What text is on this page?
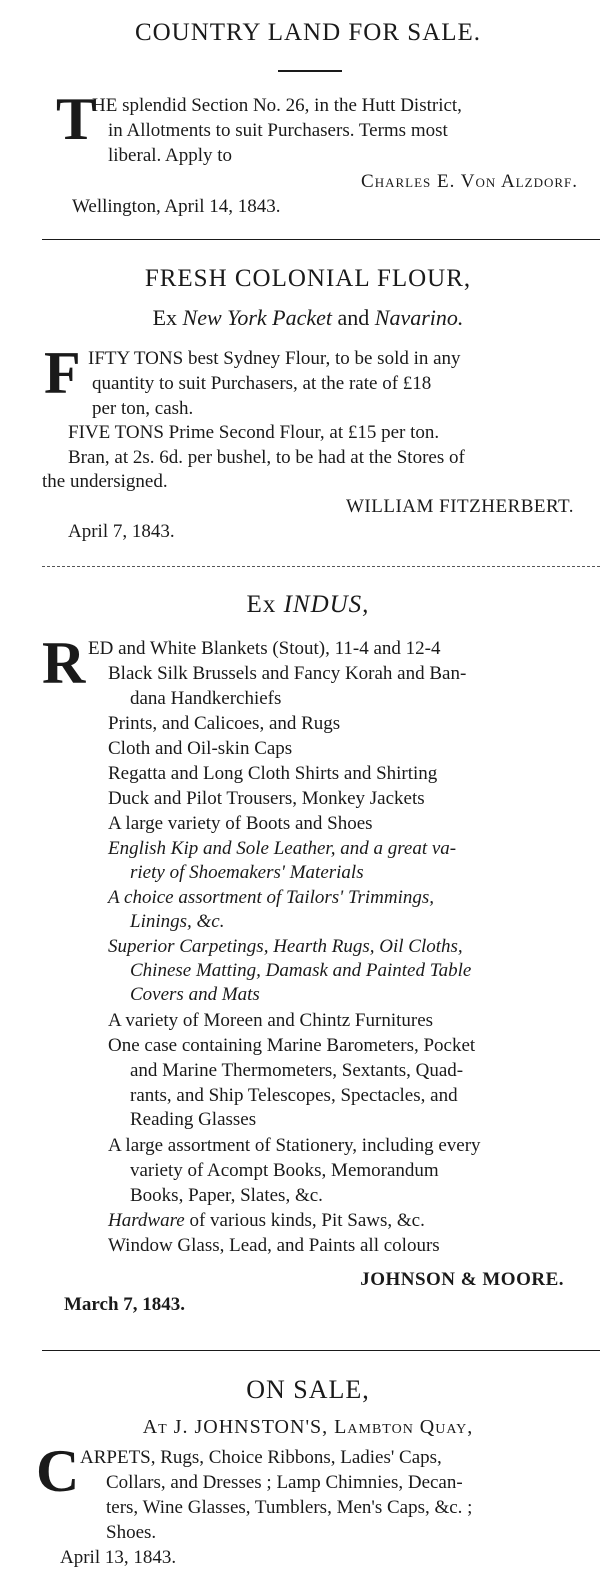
COUNTRY LAND FOR SALE.
T
HE splendid Section No. 26, in the Hutt District,
in Allotments to suit Purchasers. Terms most
liberal. Apply to
Charles E. Von Alzdorf.
Wellington, April 14, 1843.
FRESH COLONIAL FLOUR,
Ex New York Packet and Navarino.
F IFTY TONS best Sydney Flour, to be sold in any
quantity to suit Purchasers, at the rate of £18
per ton, cash.
FIVE TONS Prime Second Flour, at £15 per ton.
Bran, at 2s. 6d. per bushel, to be had at the Stores of
the undersigned.
WILLIAM FITZHERBERT.
April 7, 1843.
Ex INDUS,
R ED and White Blankets (Stout), 11-4 and 12-4
Black Silk Brussels and Fancy Korah and Ban-
dana Handkerchiefs
Prints, and Calicoes, and Rugs
Cloth and Oil-skin Caps
Regatta and Long Cloth Shirts and Shirting
Duck and Pilot Trousers, Monkey Jackets
A large variety of Boots and Shoes
English Kip and Sole Leather, and a great va-
riety of Shoemakers' Materials
A choice assortment of Tailors' Trimmings,
Linings, &c.
Superior Carpetings, Hearth Rugs, Oil Cloths,
Chinese Matting, Damask and Painted Table
Covers and Mats
A variety of Moreen and Chintz Furnitures
One case containing Marine Barometers, Pocket
and Marine Thermometers, Sextants, Quad-
rants, and Ship Telescopes, Spectacles, and
Reading Glasses
A large assortment of Stationery, including every
variety of Acompt Books, Memorandum
Books, Paper, Slates, &c.
Hardware of various kinds, Pit Saws, &c.
Window Glass, Lead, and Paints all colours
JOHNSON & MOORE.
March 7, 1843.
ON SALE,
At J. JOHNSTON'S, Lambton Quay,
C ARPETS, Rugs, Choice Ribbons, Ladies' Caps,
Collars, and Dresses ; Lamp Chimnies, Decan-
ters, Wine Glasses, Tumblers, Men's Caps, &c. ;
Shoes.
April 13, 1843.
